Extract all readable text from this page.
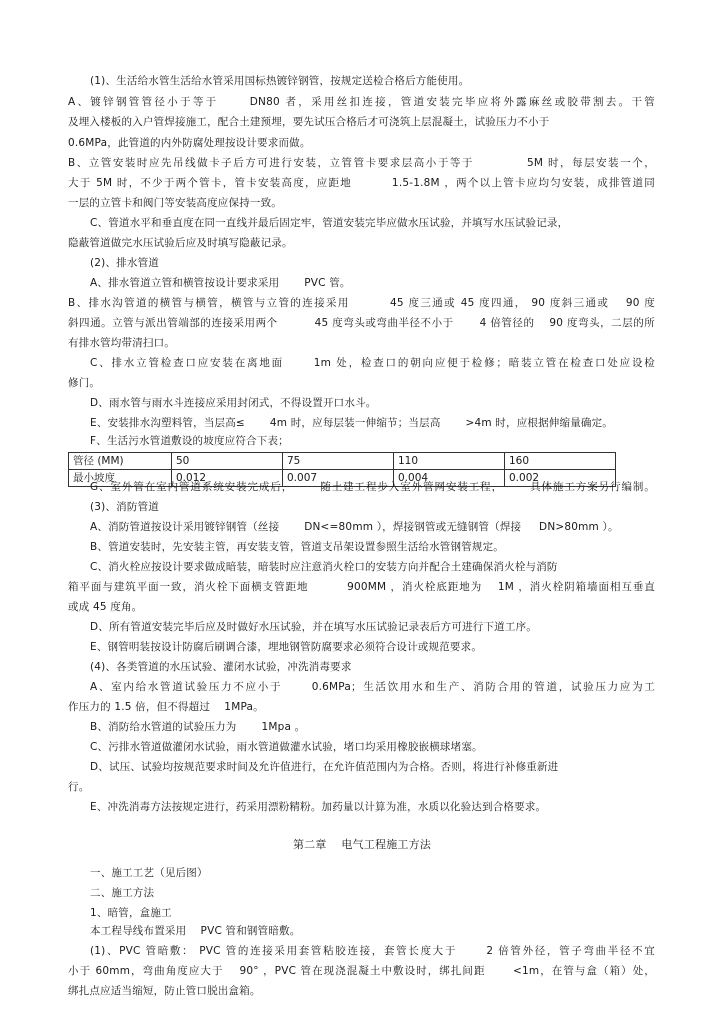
(1)、生活给水管生活给水管采用国标热镀锌钢管，按规定送检合格后方能使用。
A、镀锌钢管管径小于等于 　　DN80 者，采用丝扣连接，管道安装完毕应将外露麻丝或胶带割去。干管
及埋入楼板的入户管焊接施工，配合土建预埋，要先试压合格后才可浇筑上层混凝土，试验压力不小于
0.6MPa，此管道的内外防腐处理按设计要求而做。
B、立管安装时应先吊线做卡子后方可进行安装，立管管卡要求层高小于等于 　　　　5M 时，每层安装一个，
大于 5M 时，不少于两个管卡，管卡安装高度，应距地 　　　1.5-1.8M ，两个以上管卡应均匀安装，成排管道同
一层的立管卡和阀门等安装高度应保持一致。
C、管道水平和垂直度在同一直线并最后固定牢，管道安装完毕应做水压试验，并填写水压试验记录，
隐蔽管道做完水压试验后应及时填写隐蔽记录。
(2)、排水管道
A、排水管道立管和横管按设计要求采用 　　PVC 管。
B、排水沟管道的横管与横管，横管与立管的连接采用 　　　45 度三通或 45 度四通， 90 度斜三通或 　90 度
斜四通。立管与派出管端部的连接采用两个 　　　45 度弯头或弯曲半径不小于 　　4 倍管径的 　90 度弯头，二层的所
有排水管均带清扫口。
C、排水立管检查口应安装在离地面 　　1m 处，检查口的朝向应便于检修；暗装立管在检查口处应设检
修门。
D、雨水管与雨水斗连接应采用封闭式，不得设置开口水斗。
E、安装排水沟塑料管，当层高≤ 　　4m 时，应每层装一伸缩节；当层高 　　>4m 时，应根据伸缩量确定。
F、生活污水管道敷设的坡度应符合下表；
管径 (MM)	50	75	110	160
最小坡度	0.012	0.007	0.004	0.002
G、室外管在室内管道系统安装完成后， 　　随土建工程步入室外管网安装工程， 　　具体施工方案另行编制。
(3)、消防管道
A、消防管道按设计采用镀锌钢管（丝接 　　DN<=80mm ），焊接钢管或无缝钢管（焊接 　 DN>80mm ）。
B、管道安装时，先安装主管，再安装支管，管道支吊架设置参照生活给水管钢管规定。
C、消火栓应按设计要求做成暗装，暗装时应注意消火栓口的安装方向并配合土建确保消火栓与消防
箱平面与建筑平面一致，消火栓下面横支管距地 　　　900MM ，消火栓底距地为 　1M ，消火栓阴箱墙面相互垂直
或成 45 度角。
D、所有管道安装完毕后应及时做好水压试验，并在填写水压试验记录表后方可进行下道工序。
E、钢管明装按设计防腐后刷调合漆，埋地钢管防腐要求必须符合设计或规范要求。
(4)、各类管道的水压试验、灌闭水试验，冲洗消毒要求
A、室内给水管道试验压力不应小于 　　0.6MPa；生活饮用水和生产、消防合用的管道，试验压力应为工
作压力的 1.5 倍，但不得超过 　1MPa。
B、消防给水管道的试验压力为 　　1Mpa 。
C、污排水管道做灌闭水试验，雨水管道做灌水试验，堵口均采用橡胶嵌横球堵塞。
D、试压、试验均按规范要求时间及允许值进行，在允许值范围内为合格。否则，将进行补修重新进
行。
E、冲洗消毒方法按规定进行，药采用漂粉精粉。加药量以计算为准，水质以化验达到合格要求。
第二章 　电气工程施工方法
一、施工工艺（见后图）
二、施工方法
1、暗管，盒施工
本工程导线布置采用 　PVC 管和钢管暗敷。
(1)、PVC 管暗敷： PVC 管的连接采用套管粘胶连接，套管长度大于 　　2 倍管外径，管子弯曲半径不宜
小于 60mm，弯曲角度应大于 　90° ，PVC 管在现浇混凝土中敷设时，绑扎间距 　　<1m，在管与盒（箱）处，
绑扎点应适当缩短，防止管口脱出盒箱。
